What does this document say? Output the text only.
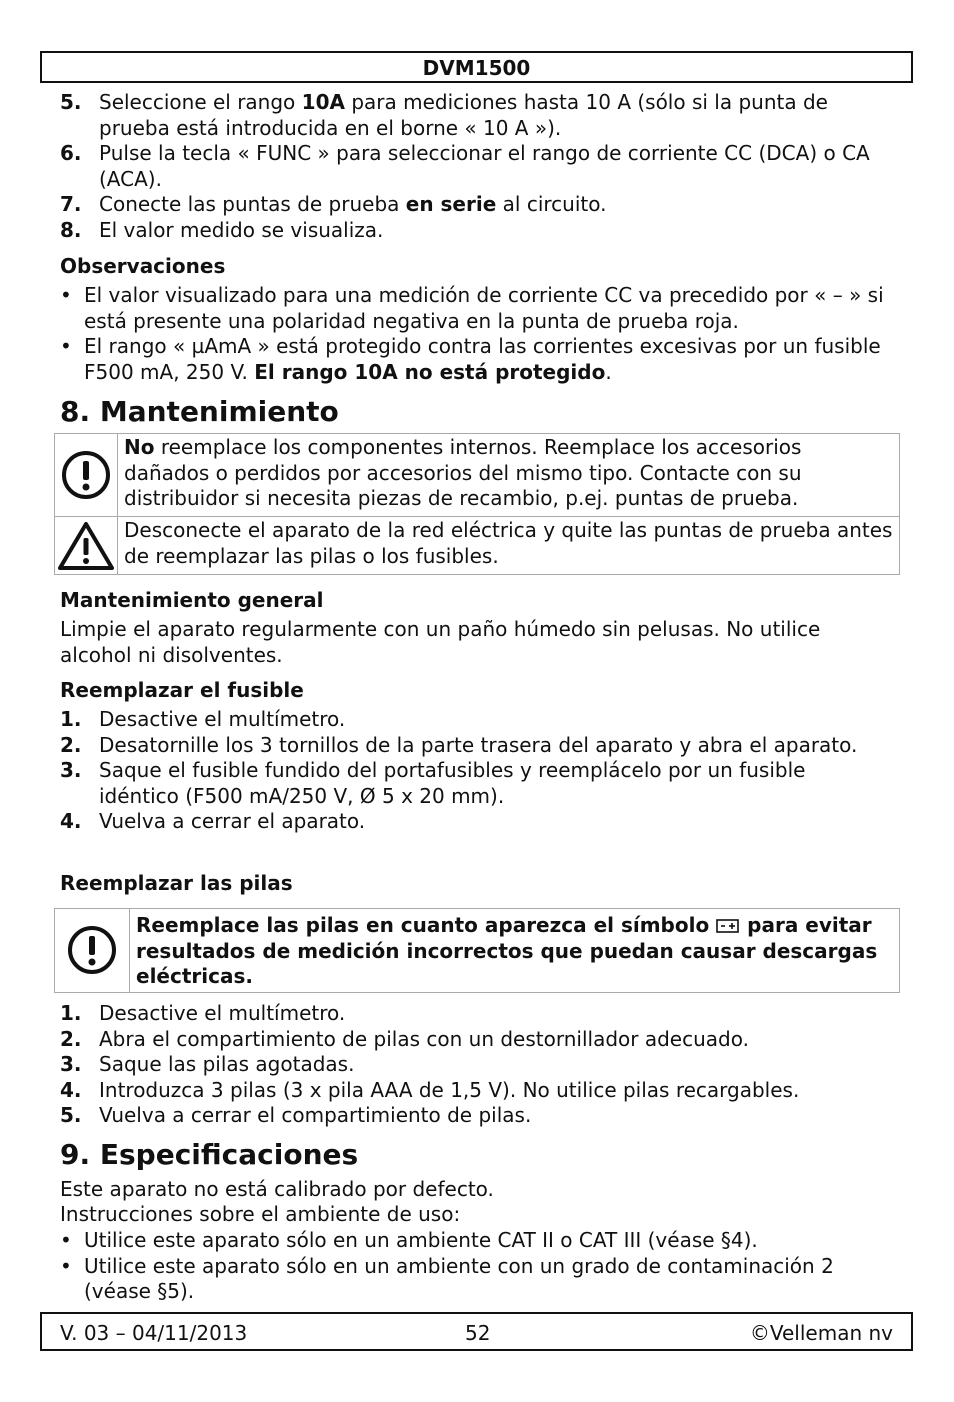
DVM1500
5. Seleccione el rango 10A para mediciones hasta 10 A (sólo si la punta de prueba está introducida en el borne « 10 A »).
6. Pulse la tecla « FUNC » para seleccionar el rango de corriente CC (DCA) o CA (ACA).
7. Conecte las puntas de prueba en serie al circuito.
8. El valor medido se visualiza.
Observaciones
• El valor visualizado para una medición de corriente CC va precedido por « – » si está presente una polaridad negativa en la punta de prueba roja.
• El rango « µAmA » está protegido contra las corrientes excesivas por un fusible F500 mA, 250 V. El rango 10A no está protegido.
8. Mantenimiento
	No reemplace los componentes internos. Reemplace los accesorios dañados o perdidos por accesorios del mismo tipo. Contacte con su distribuidor si necesita piezas de recambio, p.ej. puntas de prueba.

	Desconecte el aparato de la red eléctrica y quite las puntas de prueba antes de reemplazar las pilas o los fusibles.
Mantenimiento general
Limpie el aparato regularmente con un paño húmedo sin pelusas. No utilice alcohol ni disolventes.
Reemplazar el fusible
1. Desactive el multímetro.
2. Desatornille los 3 tornillos de la parte trasera del aparato y abra el aparato.
3. Saque el fusible fundido del portafusibles y reemplácelo por un fusible idéntico (F500 mA/250 V, Ø 5 x 20 mm).
4. Vuelva a cerrar el aparato.
Reemplazar las pilas
	Reemplace las pilas en cuanto aparezca el símbolo  para evitar resultados de medición incorrectos que puedan causar descargas eléctricas.
1. Desactive el multímetro.
2. Abra el compartimiento de pilas con un destornillador adecuado.
3. Saque las pilas agotadas.
4. Introduzca 3 pilas (3 x pila AAA de 1,5 V). No utilice pilas recargables.
5. Vuelva a cerrar el compartimiento de pilas.
9. Especificaciones
Este aparato no está calibrado por defecto.
Instrucciones sobre el ambiente de uso:
• Utilice este aparato sólo en un ambiente CAT II o CAT III (véase §4).
• Utilice este aparato sólo en un ambiente con un grado de contaminación 2 (véase §5).
V. 03 – 04/11/2013	52	©Velleman nv
